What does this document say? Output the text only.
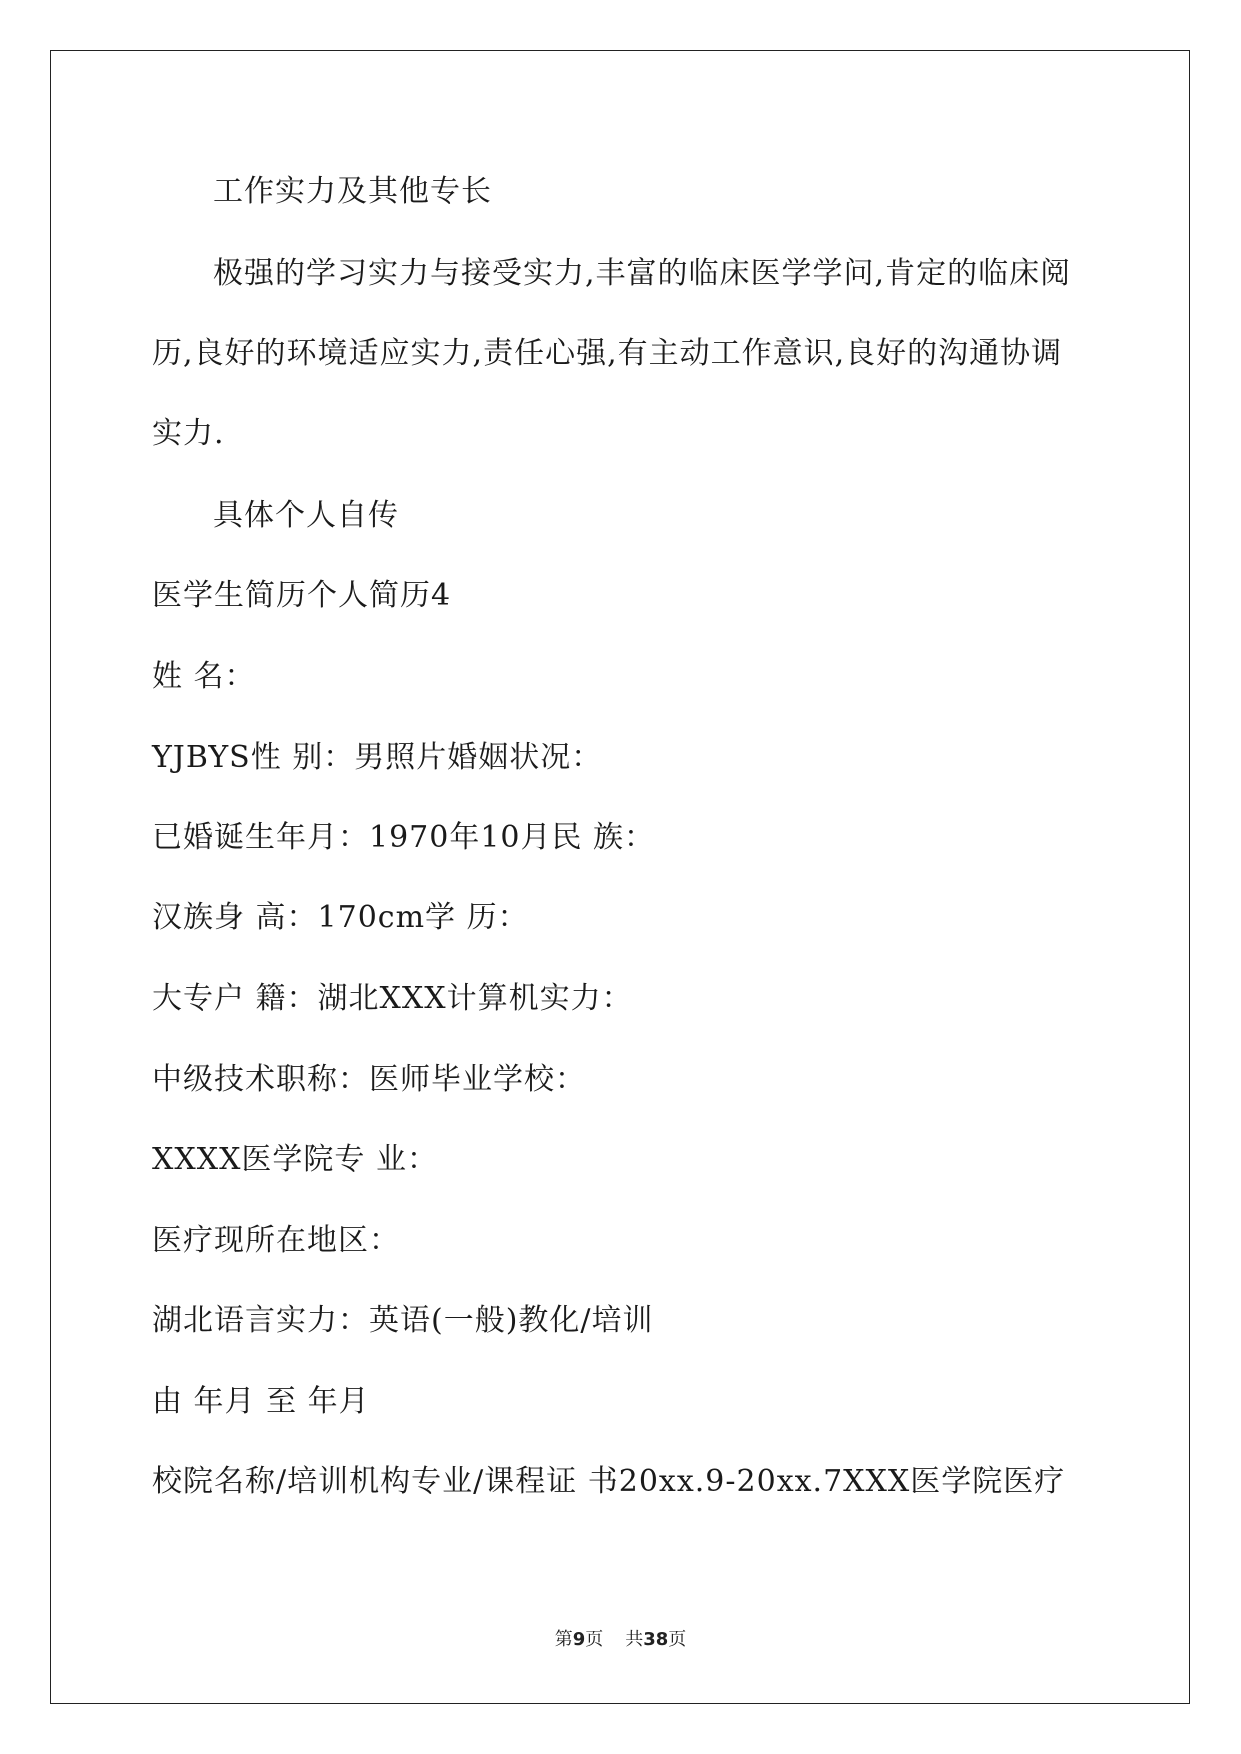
工作实力及其他专长
极强的学习实力与接受实力,丰富的临床医学学问,肯定的临床阅
历,良好的环境适应实力,责任心强,有主动工作意识,良好的沟通协调
实力.
具体个人自传
医学生简历个人简历4
姓 名：
YJBYS性 别：男照片婚姻状况：
已婚诞生年月：1970年10月民 族：
汉族身 高：170cm学 历：
大专户 籍：湖北XXX计算机实力：
中级技术职称：医师毕业学校：
XXXX医学院专 业：
医疗现所在地区：
湖北语言实力：英语(一般)教化/培训
由 年月 至 年月
校院名称/培训机构专业/课程证 书20xx.9-20xx.7XXX医学院医疗
第9页 共38页
